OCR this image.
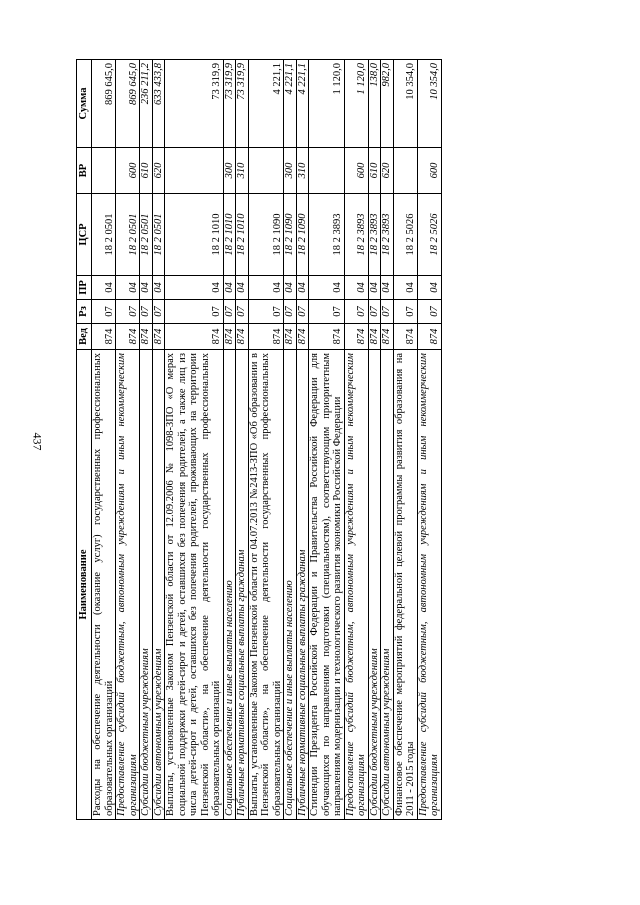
437
Наименование	Вед	Рз	ПР	ЦСР	ВР	Сумма
Расходы на обеспечение деятельности (оказание услуг) государственных профессиональных образовательных организаций	874	07	04	18 2 0501		869 645,0
Предоставление субсидий бюджетным, автономным учреждениям и иным некоммерческим организациям	874	07	04	18 2 0501	600	869 645,0
Субсидии бюджетным учреждениям	874	07	04	18 2 0501	610	236 211,2
Субсидии автономным учреждениям	874	07	04	18 2 0501	620	633 433,8
Выплаты, установленные Законом Пензенской области от 12.09.2006 № 1098-ЗПО «О мерах социальной поддержки детей-сирот и детей, оставшихся без попечения родителей, а также лиц из числа детей-сирот и детей, оставшихся без попечения родителей, проживающих на территории Пензенской области», на обеспечение деятельности государственных профессиональных образовательных организаций	874	07	04	18 2 1010		73 319,9
Социальное обеспечение и иные выплаты населению	874	07	04	18 2 1010	300	73 319,9
Публичные нормативные социальные выплаты гражданам	874	07	04	18 2 1010	310	73 319,9
Выплаты, установленные Законом Пензенской области от 04.07.2013 №2413-ЗПО «Об образовании в Пензенской области», на обеспечение деятельности государственных профессиональных образовательных организаций	874	07	04	18 2 1090		4 221,1
Социальное обеспечение и иные выплаты населению	874	07	04	18 2 1090	300	4 221,1
Публичные нормативные социальные выплаты гражданам	874	07	04	18 2 1090	310	4 221,1
Стипендии Президента Российской Федерации и Правительства Российской Федерации для обучающихся по направлениям подготовки (специальностям), соответствующим приоритетным направлениям модернизации и технологического развития экономики Российской Федерации	874	07	04	18 2 3893		1 120,0
Предоставление субсидий бюджетным, автономным учреждениям и иным некоммерческим организациям	874	07	04	18 2 3893	600	1 120,0
Субсидии бюджетным учреждениям	874	07	04	18 2 3893	610	138,0
Субсидии автономным учреждениям	874	07	04	18 2 3893	620	982,0
Финансовое обеспечение мероприятий федеральной целевой программы развития образования на 2011 - 2015 годы	874	07	04	18 2 5026		10 354,0
Предоставление субсидий бюджетным, автономным учреждениям и иным некоммерческим организациям	874	07	04	18 2 5026	600	10 354,0
